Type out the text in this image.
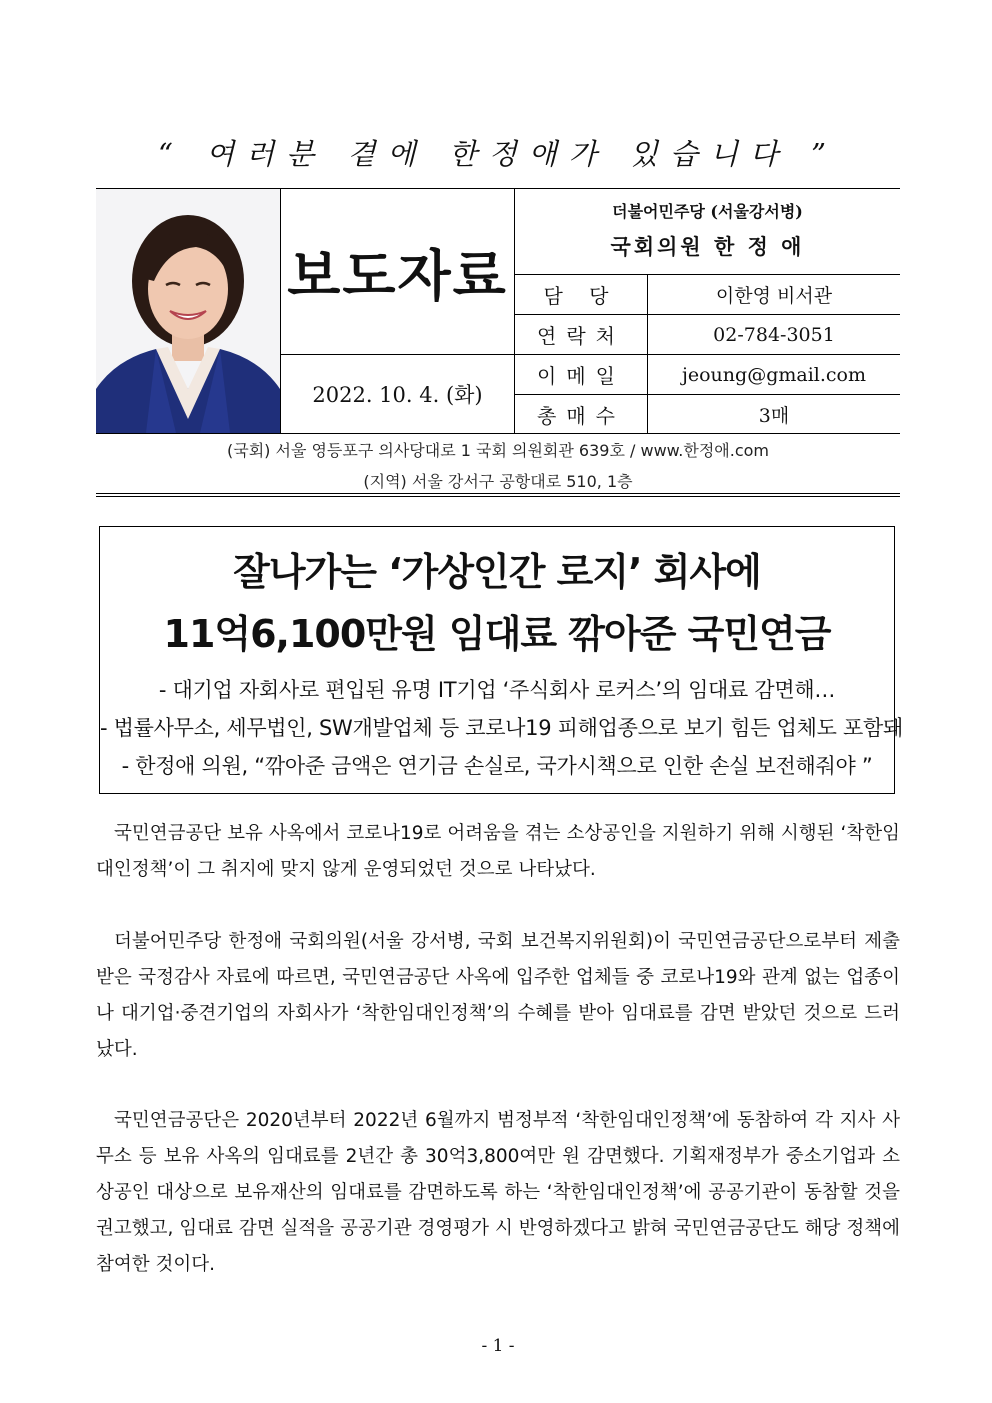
“ 여러분 곁에 한정애가 있습니다 ”
보도자료
2022. 10. 4. (화)
더불어민주당 (서울강서병)
국회의원 한 정 애
담 당	이한영 비서관
연락처	02-784-3051
이메일	jeoung@gmail.com
총매수	3매
(국회) 서울 영등포구 의사당대로 1 국회 의원회관 639호 / www.한정애.com
(지역) 서울 강서구 공항대로 510, 1층
잘나가는 ‘가상인간 로지’ 회사에
11억6,100만원 임대료 깎아준 국민연금
- 대기업 자회사로 편입된 유명 IT기업 ‘주식회사 로커스’의 임대료 감면해…
- 법률사무소, 세무법인, SW개발업체 등 코로나19 피해업종으로 보기 힘든 업체도 포함돼
- 한정애 의원, “깎아준 금액은 연기금 손실로, 국가시책으로 인한 손실 보전해줘야 ”

국민연금공단 보유 사옥에서 코로나19로 어려움을 겪는 소상공인을 지원하기 위해 시행된 ‘착한임대인정책’이 그 취지에 맞지 않게 운영되었던 것으로 나타났다.

더불어민주당 한정애 국회의원(서울 강서병, 국회 보건복지위원회)이 국민연금공단으로부터 제출받은 국정감사 자료에 따르면, 국민연금공단 사옥에 입주한 업체들 중 코로나19와 관계 없는 업종이나 대기업·중견기업의 자회사가 ‘착한임대인정책’의 수혜를 받아 임대료를 감면 받았던 것으로 드러났다.

국민연금공단은 2020년부터 2022년 6월까지 범정부적 ‘착한임대인정책’에 동참하여 각 지사 사무소 등 보유 사옥의 임대료를 2년간 총 30억3,800여만 원 감면했다. 기획재정부가 중소기업과 소상공인 대상으로 보유재산의 임대료를 감면하도록 하는 ‘착한임대인정책’에 공공기관이 동참할 것을 권고했고, 임대료 감면 실적을 공공기관 경영평가 시 반영하겠다고 밝혀 국민연금공단도 해당 정책에 참여한 것이다.

- 1 -
